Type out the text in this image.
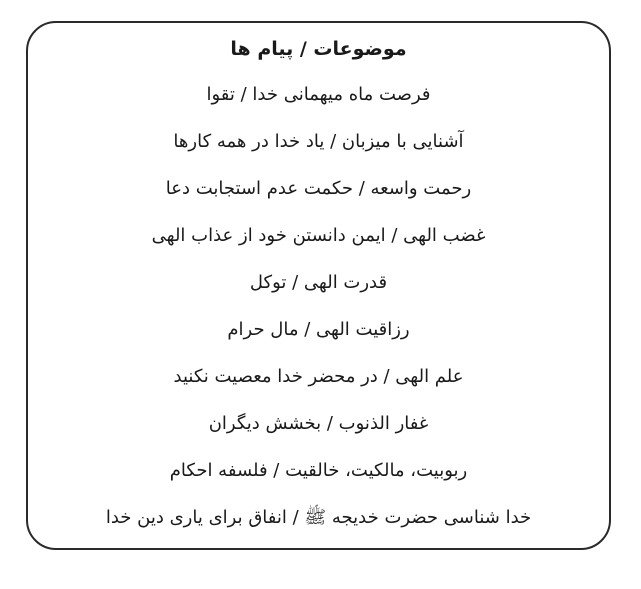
موضوعات / پیام ها
فرصت ماه میهمانی خدا / تقوا
آشنایی با میزبان / یاد خدا در همه کارها
رحمت واسعه / حکمت عدم استجابت دعا
غضب الهی / ایمن دانستن خود از عذاب الهی
قدرت الهی / توکل
رزاقیت الهی / مال حرام
علم الهی / در محضر خدا معصیت نکنید
غفار الذنوب / بخشش دیگران
ربوبیت، مالکیت، خالقیت / فلسفه احکام
خدا شناسی حضرت خدیجه ﷺ / انفاق برای یاری دین خدا
